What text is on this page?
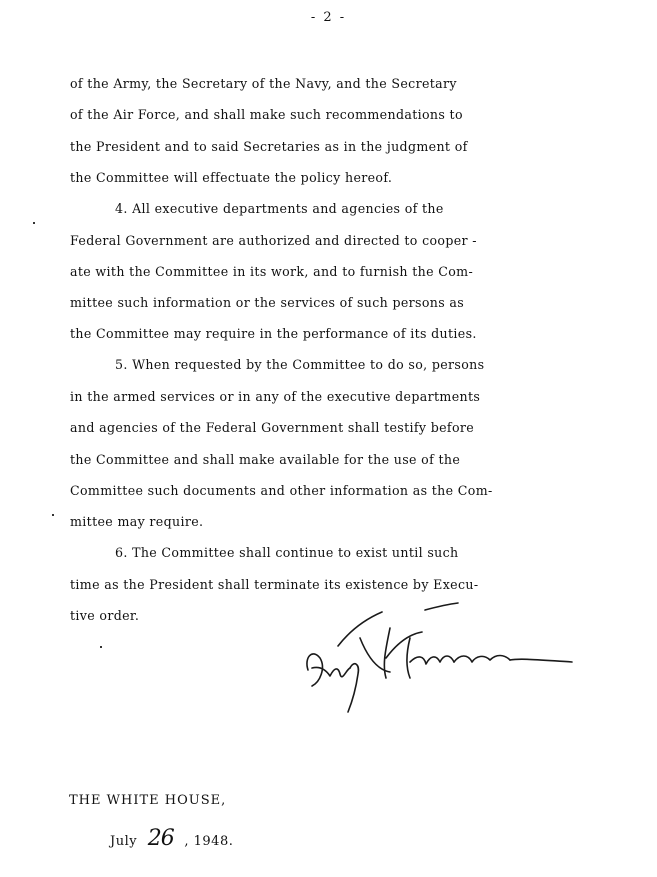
- 2 -
of the Army, the Secretary of the Navy, and the Secretary
of the Air Force, and shall make such recommendations to
the President and to said Secretaries as in the judgment of
the Committee will effectuate the policy hereof.
4. All executive departments and agencies of the
Federal Government are authorized and directed to cooper -
ate with the Committee in its work, and to furnish the Com-
mittee such information or the services of such persons as
the Committee may require in the performance of its duties.
5. When requested by the Committee to do so, persons
in the armed services or in any of the executive departments
and agencies of the Federal Government shall testify before
the Committee and shall make available for the use of the
Committee such documents and other information as the Com-
mittee may require.
6. The Committee shall continue to exist until such
time as the President shall terminate its existence by Execu-
tive order.
THE WHITE HOUSE,
July 26 , 1948.
